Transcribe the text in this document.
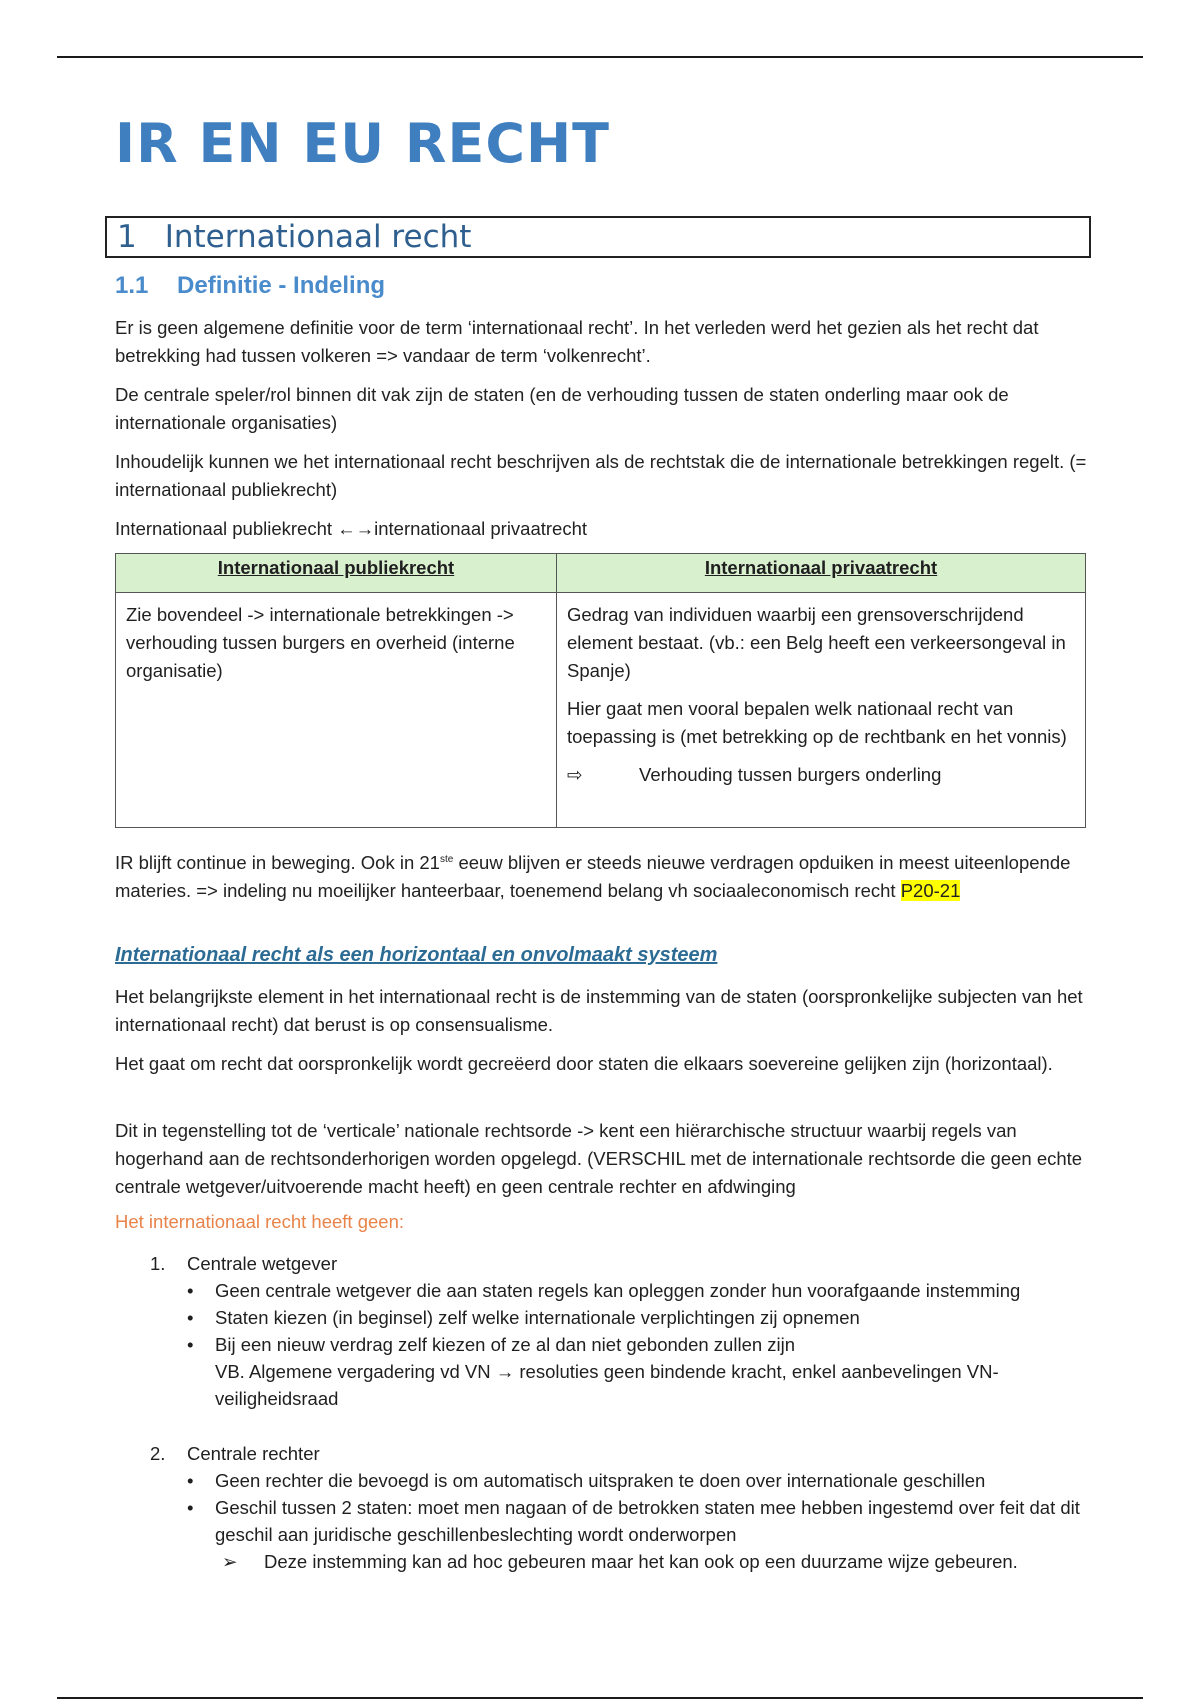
IR EN EU RECHT
1 Internationaal recht
1.1 Definitie - Indeling

Er is geen algemene definitie voor de term ‘internationaal recht’. In het verleden werd het gezien als het recht dat betrekking had tussen volkeren => vandaar de term ‘volkenrecht’.

De centrale speler/rol binnen dit vak zijn de staten (en de verhouding tussen de staten onderling maar ook de internationale organisaties)

Inhoudelijk kunnen we het internationaal recht beschrijven als de rechtstak die de internationale betrekkingen regelt. (= internationaal publiekrecht)

Internationaal publiekrecht ←→internationaal privaatrecht

Internationaal publiekrecht	Internationaal privaatrecht

Zie bovendeel -> internationale betrekkingen -> verhouding tussen burgers en overheid (interne organisatie)	Gedrag van individuen waarbij een grensoverschrijdend element bestaat. (vb.: een Belg heeft een verkeersongeval in Spanje)

Hier gaat men vooral bepalen welk nationaal recht van toepassing is (met betrekking op de rechtbank en het vonnis)

⇨ Verhouding tussen burgers onderling

IR blijft continue in beweging. Ook in 21ste eeuw blijven er steeds nieuwe verdragen opduiken in meest uiteenlopende materies. => indeling nu moeilijker hanteerbaar, toenemend belang vh sociaaleconomisch recht P20-21

Internationaal recht als een horizontaal en onvolmaakt systeem

Het belangrijkste element in het internationaal recht is de instemming van de staten (oorspronkelijke subjecten van het internationaal recht) dat berust is op consensualisme.

Het gaat om recht dat oorspronkelijk wordt gecreëerd door staten die elkaars soevereine gelijken zijn (horizontaal).

Dit in tegenstelling tot de ‘verticale’ nationale rechtsorde -> kent een hiërarchische structuur waarbij regels van hogerhand aan de rechtsonderhorigen worden opgelegd. (VERSCHIL met de internationale rechtsorde die geen echte centrale wetgever/uitvoerende macht heeft) en geen centrale rechter en afdwinging

Het internationaal recht heeft geen:
1.	Centrale wetgever
•	Geen centrale wetgever die aan staten regels kan opleggen zonder hun voorafgaande instemming
•	Staten kiezen (in beginsel) zelf welke internationale verplichtingen zij opnemen
•	Bij een nieuw verdrag zelf kiezen of ze al dan niet gebonden zullen zijn
VB. Algemene vergadering vd VN → resoluties geen bindende kracht, enkel aanbevelingen VN-veiligheidsraad
2.	Centrale rechter
•	Geen rechter die bevoegd is om automatisch uitspraken te doen over internationale geschillen
•	Geschil tussen 2 staten: moet men nagaan of de betrokken staten mee hebben ingestemd over feit dat dit geschil aan juridische geschillenbeslechting wordt onderworpen
➢	Deze instemming kan ad hoc gebeuren maar het kan ook op een duurzame wijze gebeuren.
